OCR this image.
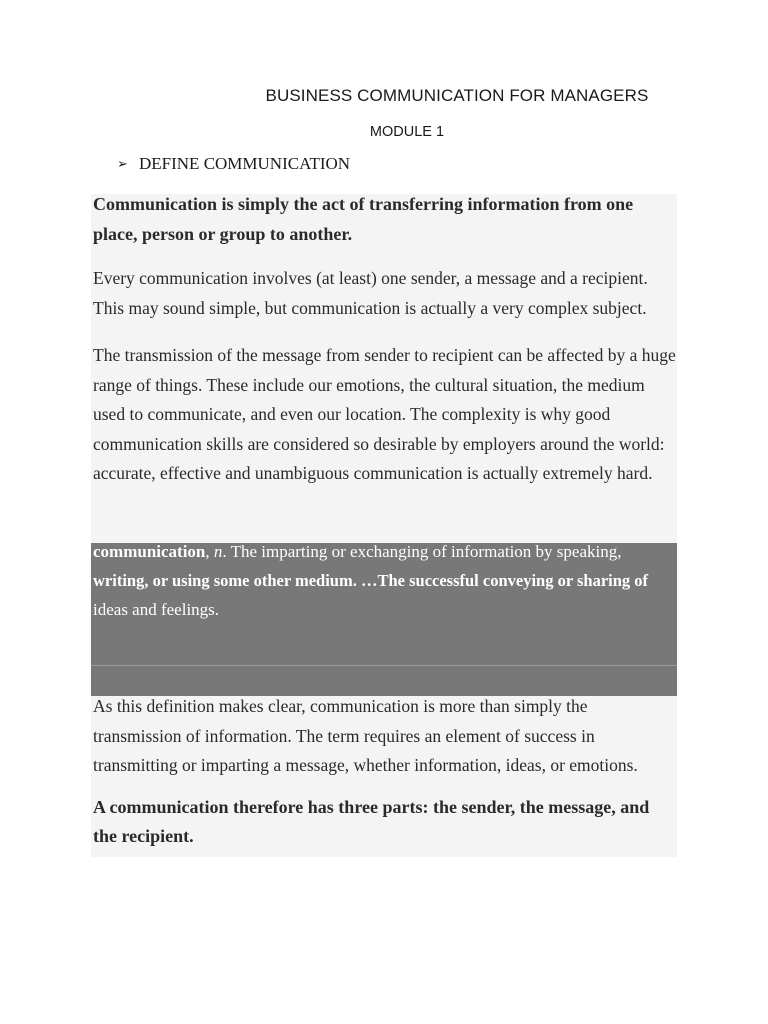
BUSINESS COMMUNICATION FOR MANAGERS
MODULE 1
➢ DEFINE COMMUNICATION

Communication is simply the act of transferring information from one place, person or group to another.

Every communication involves (at least) one sender, a message and a recipient. This may sound simple, but communication is actually a very complex subject.

The transmission of the message from sender to recipient can be affected by a huge range of things. These include our emotions, the cultural situation, the medium used to communicate, and even our location. The complexity is why good communication skills are considered so desirable by employers around the world: accurate, effective and unambiguous communication is actually extremely hard.

communication, n. The imparting or exchanging of information by speaking,

writing, or using some other medium. …The successful conveying or sharing of

ideas and feelings.

As this definition makes clear, communication is more than simply the transmission of information. The term requires an element of success in transmitting or imparting a message, whether information, ideas, or emotions.

A communication therefore has three parts: the sender, the message, and the recipient.
